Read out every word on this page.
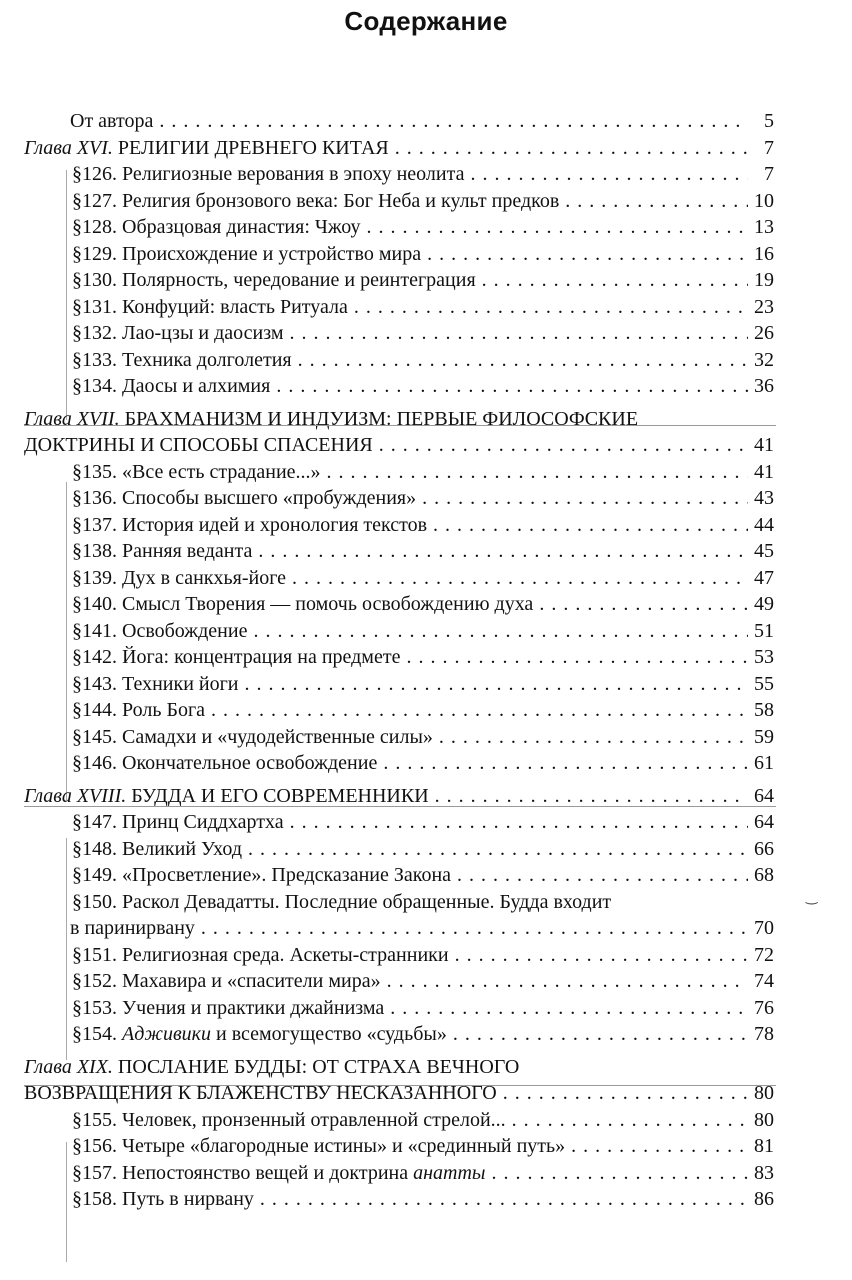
Содержание
От автора . . .	5
Глава XVI. РЕЛИГИИ ДРЕВНЕГО КИТАЯ . . .	7
§126. Религиозные верования в эпоху неолита . . .	7
§127. Религия бронзового века: Бог Неба и культ предков . . .	10
§128. Образцовая династия: Чжоу . . .	13
§129. Происхождение и устройство мира . . .	16
§130. Полярность, чередование и реинтеграция . . .	19
§131. Конфуций: власть Ритуала . . .	23
§132. Лао-цзы и даосизм . . .	26
§133. Техника долголетия . . .	32
§134. Даосы и алхимия . . .	36
Глава XVII. БРАХМАНИЗМ И ИНДУИЗМ: ПЕРВЫЕ ФИЛОСОФСКИЕ
ДОКТРИНЫ И СПОСОБЫ СПАСЕНИЯ . . .	41
§135. «Все есть страдание...» . . .	41
§136. Способы высшего «пробуждения» . . .	43
§137. История идей и хронология текстов . . .	44
§138. Ранняя веданта . . .	45
§139. Дух в санкхья-йоге . . .	47
§140. Смысл Творения — помочь освобождению духа . . .	49
§141. Освобождение . . .	51
§142. Йога: концентрация на предмете . . .	53
§143. Техники йоги . . .	55
§144. Роль Бога . . .	58
§145. Самадхи и «чудодейственные силы» . . .	59
§146. Окончательное освобождение . . .	61
Глава XVIII. БУДДА И ЕГО СОВРЕМЕННИКИ . . .	64
§147. Принц Сиддхартха . . .	64
§148. Великий Уход . . .	66
§149. «Просветление». Предсказание Закона . . .	68
§150. Раскол Девадатты. Последние обращенные. Будда входит
в паринирвану . . .	70
§151. Религиозная среда. Аскеты-странники . . .	72
§152. Махавира и «спасители мира» . . .	74
§153. Учения и практики джайнизма . . .	76
§154. Адживики и всемогущество «судьбы» . . .	78
Глава XIX. ПОСЛАНИЕ БУДДЫ: ОТ СТРАХА ВЕЧНОГО
ВОЗВРАЩЕНИЯ К БЛАЖЕНСТВУ НЕСКАЗАННОГО . . .	80
§155. Человек, пронзенный отравленной стрелой... . . .	80
§156. Четыре «благородные истины» и «срединный путь» . . .	81
§157. Непостоянство вещей и доктрина анатты . . .	83
§158. Путь в нирвану . . .	86
‿
